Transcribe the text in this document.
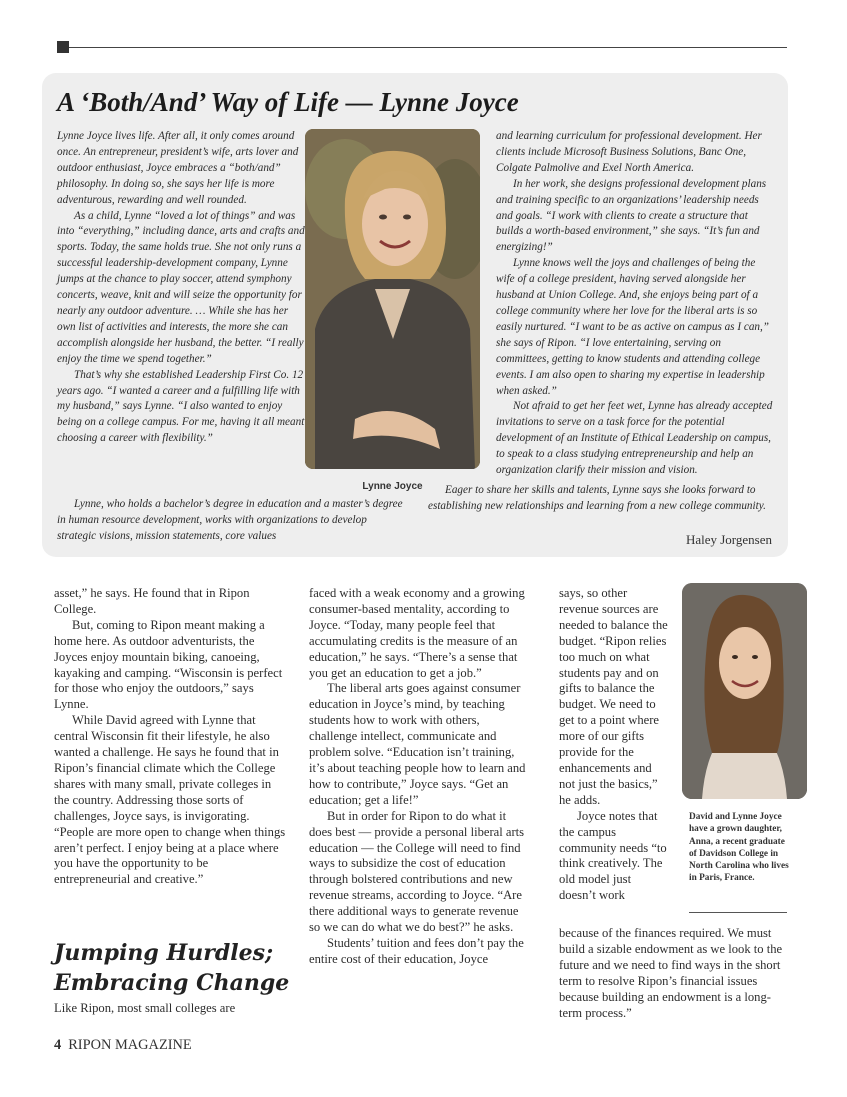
A ‘Both/And’ Way of Life — Lynne Joyce

Lynne Joyce lives life. After all, it only comes around once. An entrepreneur, president’s wife, arts lover and outdoor enthusiast, Joyce embraces a “both/and” philosophy. In doing so, she says her life is more adventurous, rewarding and well rounded.

As a child, Lynne “loved a lot of things” and was into “everything,” including dance, arts and crafts and sports. Today, the same holds true. She not only runs a successful leadership-development company, Lynne jumps at the chance to play soccer, attend symphony concerts, weave, knit and will seize the opportunity for nearly any outdoor adventure. … While she has her own list of activities and interests, the more she can accomplish alongside her husband, the better. “I really enjoy the time we spend together.”

That’s why she established Leadership First Co. 12 years ago. “I wanted a career and a fulfilling life with my husband,” says Lynne. “I also wanted to enjoy being on a college campus. For me, having it all meant choosing a career with flexibility.”

Lynne Joyce

and learning curriculum for professional development. Her clients include Microsoft Business Solutions, Banc One, Colgate Palmolive and Exel North America.

In her work, she designs professional development plans and training specific to an organizations’ leadership needs and goals. “I work with clients to create a structure that builds a worth-based environment,” she says. “It’s fun and energizing!”

Lynne knows well the joys and challenges of being the wife of a college president, having served alongside her husband at Union College. And, she enjoys being part of a college community where her love for the liberal arts is so easily nurtured. “I want to be as active on campus as I can,” she says of Ripon. “I love entertaining, serving on committees, getting to know students and attending college events. I am also open to sharing my expertise in leadership when asked.”

Not afraid to get her feet wet, Lynne has already accepted invitations to serve on a task force for the potential development of an Institute of Ethical Leadership on campus, to speak to a class studying entrepreneurship and help an organization clarify their mission and vision.

Lynne, who holds a bachelor’s degree in education and a master’s degree in human resource development, works with organizations to develop strategic visions, mission statements, core values

Eager to share her skills and talents, Lynne says she looks forward to establishing new relationships and learning from a new college community.

Haley Jorgensen

asset,” he says. He found that in Ripon College.

But, coming to Ripon meant making a home here. As outdoor adventurists, the Joyces enjoy mountain biking, canoeing, kayaking and camping. “Wisconsin is perfect for those who enjoy the outdoors,” says Lynne.

While David agreed with Lynne that central Wisconsin fit their lifestyle, he also wanted a challenge. He says he found that in Ripon’s financial climate which the College shares with many small, private colleges in the country. Addressing those sorts of challenges, Joyce says, is invigorating. “People are more open to change when things aren’t perfect. I enjoy being at a place where you have the opportunity to be entrepreneurial and creative.”

Jumping Hurdles;
Embracing Change

Like Ripon, most small colleges are

faced with a weak economy and a growing consumer-based mentality, according to Joyce. “Today, many people feel that accumulating credits is the measure of an education,” he says. “There’s a sense that you get an education to get a job.”

The liberal arts goes against consumer education in Joyce’s mind, by teaching students how to work with others, challenge intellect, communicate and problem solve. “Education isn’t training, it’s about teaching people how to learn and how to contribute,” Joyce says. “Get an education; get a life!”

But in order for Ripon to do what it does best — provide a personal liberal arts education — the College will need to find ways to subsidize the cost of education through bolstered contributions and new revenue streams, according to Joyce. “Are there additional ways to generate revenue so we can do what we do best?” he asks.

Students’ tuition and fees don’t pay the entire cost of their education, Joyce

says, so other revenue sources are needed to balance the budget. “Ripon relies too much on what students pay and on gifts to balance the budget. We need to get to a point where more of our gifts provide for the enhancements and not just the basics,” he adds.

Joyce notes that the campus community needs “to think creatively. The old model just doesn’t work

because of the finances required. We must build a sizable endowment as we look to the future and we need to find ways in the short term to resolve Ripon’s financial issues because building an endowment is a long-term process.”

David and Lynne Joyce have a grown daughter, Anna, a recent graduate of Davidson College in North Carolina who lives in Paris, France.
4 RIPON MAGAZINE
